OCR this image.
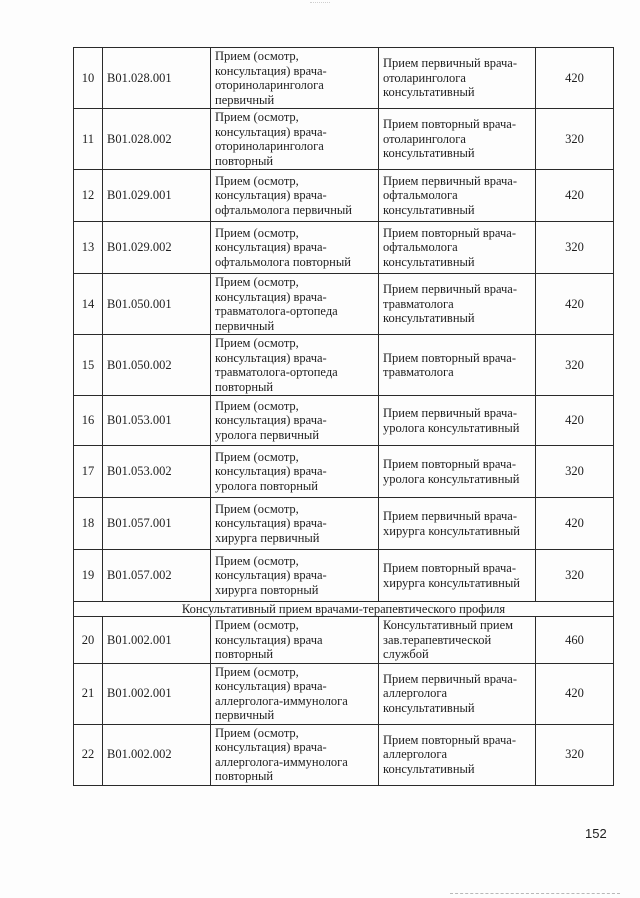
10	B01.028.001	Прием (осмотр,
консультация) врача-
оториноларинголога
первичный	Прием первичный врача-
отоларинголога
консультативный	420
11	B01.028.002	Прием (осмотр,
консультация) врача-
оториноларинголога
повторный	Прием повторный врача-
отоларинголога
консультативный	320
12	B01.029.001	Прием (осмотр,
консультация) врача-
офтальмолога первичный	Прием первичный врача-
офтальмолога
консультативный	420
13	B01.029.002	Прием (осмотр,
консультация) врача-
офтальмолога повторный	Прием повторный врача-
офтальмолога
консультативный	320
14	B01.050.001	Прием (осмотр,
консультация) врача-
травматолога-ортопеда
первичный	Прием первичный врача-
травматолога
консультативный	420
15	B01.050.002	Прием (осмотр,
консультация) врача-
травматолога-ортопеда
повторный	Прием повторный врача-
травматолога	320
16	B01.053.001	Прием (осмотр,
консультация) врача-
уролога первичный	Прием первичный врача-
уролога консультативный	420
17	B01.053.002	Прием (осмотр,
консультация) врача-
уролога повторный	Прием повторный врача-
уролога консультативный	320
18	B01.057.001	Прием (осмотр,
консультация) врача-
хирурга первичный	Прием первичный врача-
хирурга консультативный	420
19	B01.057.002	Прием (осмотр,
консультация) врача-
хирурга повторный	Прием повторный врача-
хирурга консультативный	320
Консультативный прием врачами-терапевтического профиля				
20	B01.002.001	Прием (осмотр,
консультация) врача
повторный	Консультативный прием
зав.терапевтической
службой	460
21	B01.002.001	Прием (осмотр,
консультация) врача-
аллерголога-иммунолога
первичный	Прием первичный врача-
аллерголога
консультативный	420
22	B01.002.002	Прием (осмотр,
консультация) врача-
аллерголога-иммунолога
повторный	Прием повторный врача-
аллерголога
консультативный	320
152
